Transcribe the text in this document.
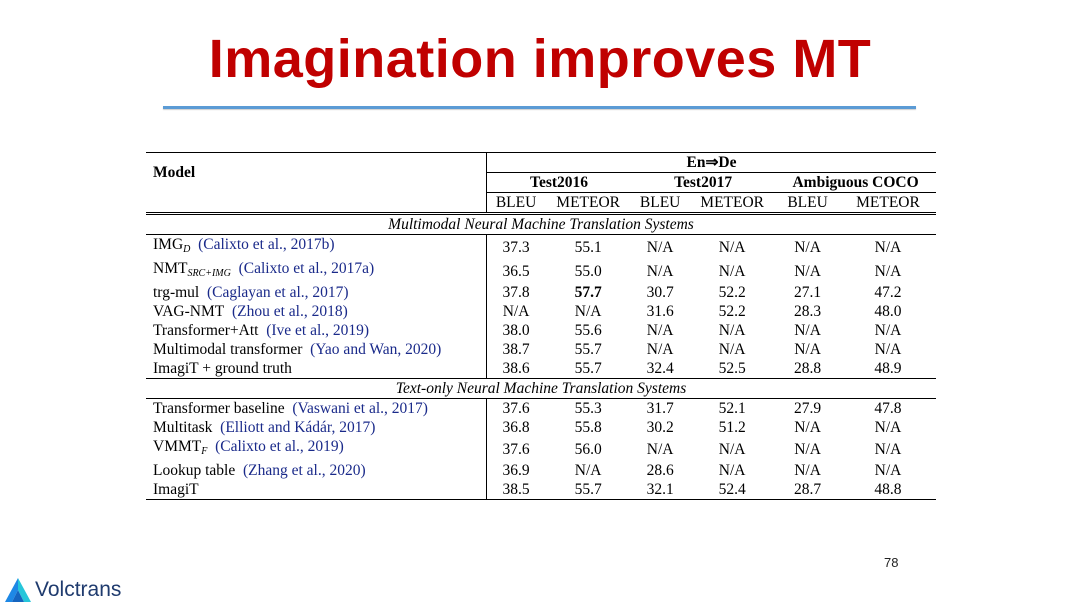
Imagination improves MT
Model	En⇒De					
	Test2016		Test2017		Ambiguous COCO	
	BLEU	METEOR	BLEU	METEOR	BLEU	METEOR
Multimodal Neural Machine Translation Systems						
$IMG_D$ (Calixto et al., 2017b)	37.3	55.1	N/A	N/A	N/A	N/A
$NMT_{SRC+IMG}$ (Calixto et al., 2017a)	36.5	55.0	N/A	N/A	N/A	N/A
trg-mul (Caglayan et al., 2017)	37.8	57.7	30.7	52.2	27.1	47.2
VAG-NMT (Zhou et al., 2018)	N/A	N/A	31.6	52.2	28.3	48.0
Transformer+Att (Ive et al., 2019)	38.0	55.6	N/A	N/A	N/A	N/A
Multimodal transformer (Yao and Wan, 2020)	38.7	55.7	N/A	N/A	N/A	N/A
ImagiT + ground truth	38.6	55.7	32.4	52.5	28.8	48.9
Text-only Neural Machine Translation Systems						
Transformer baseline (Vaswani et al., 2017)	37.6	55.3	31.7	52.1	27.9	47.8
Multitask (Elliott and Kádár, 2017)	36.8	55.8	30.2	51.2	N/A	N/A
$VMMT_F$ (Calixto et al., 2019)	37.6	56.0	N/A	N/A	N/A	N/A
Lookup table (Zhang et al., 2020)	36.9	N/A	28.6	N/A	N/A	N/A
ImagiT	38.5	55.7	32.1	52.4	28.7	48.8
78
Volctrans
